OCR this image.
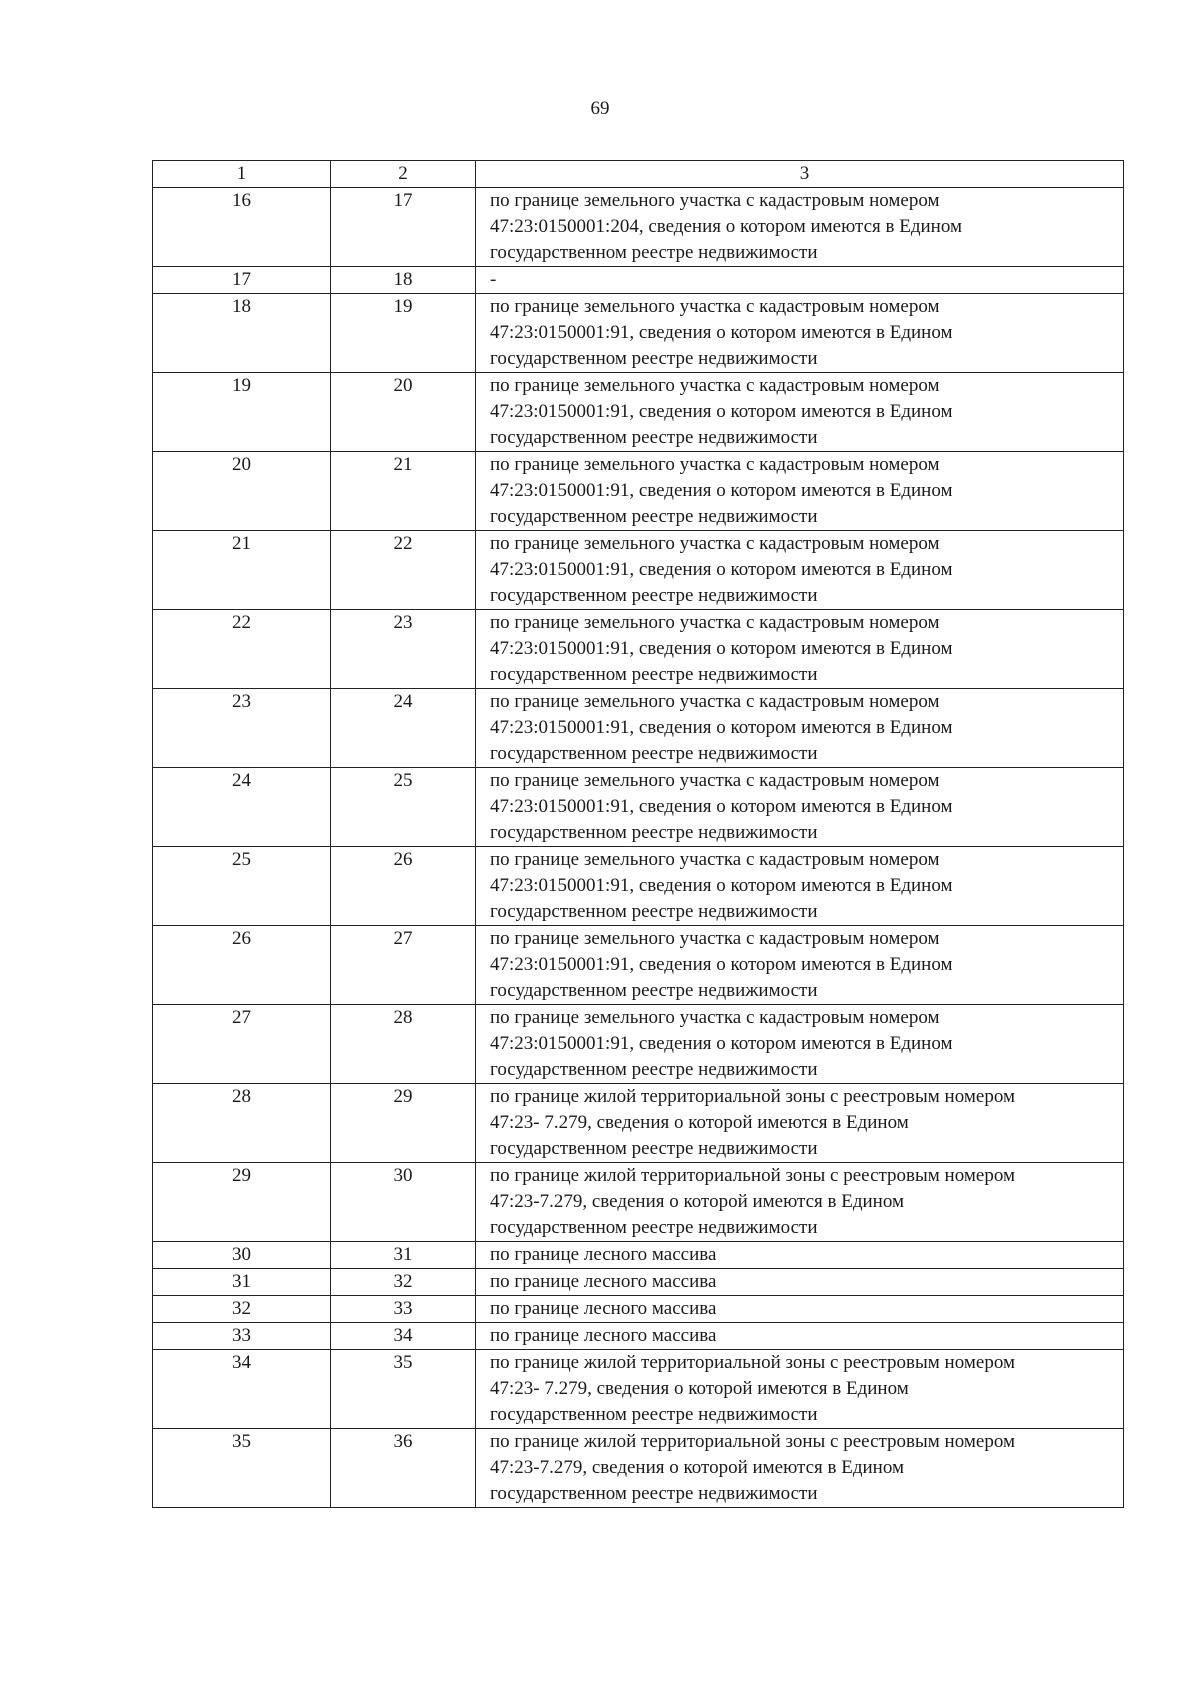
69
1	2	3
16	17	по границе земельного участка с кадастровым номером
47:23:0150001:204, сведения о котором имеются в Едином
государственном реестре недвижимости

17	18	-

18	19	по границе земельного участка с кадастровым номером
47:23:0150001:91, сведения о котором имеются в Едином
государственном реестре недвижимости

19	20	по границе земельного участка с кадастровым номером
47:23:0150001:91, сведения о котором имеются в Едином
государственном реестре недвижимости

20	21	по границе земельного участка с кадастровым номером
47:23:0150001:91, сведения о котором имеются в Едином
государственном реестре недвижимости

21	22	по границе земельного участка с кадастровым номером
47:23:0150001:91, сведения о котором имеются в Едином
государственном реестре недвижимости

22	23	по границе земельного участка с кадастровым номером
47:23:0150001:91, сведения о котором имеются в Едином
государственном реестре недвижимости

23	24	по границе земельного участка с кадастровым номером
47:23:0150001:91, сведения о котором имеются в Едином
государственном реестре недвижимости

24	25	по границе земельного участка с кадастровым номером
47:23:0150001:91, сведения о котором имеются в Едином
государственном реестре недвижимости

25	26	по границе земельного участка с кадастровым номером
47:23:0150001:91, сведения о котором имеются в Едином
государственном реестре недвижимости

26	27	по границе земельного участка с кадастровым номером
47:23:0150001:91, сведения о котором имеются в Едином
государственном реестре недвижимости

27	28	по границе земельного участка с кадастровым номером
47:23:0150001:91, сведения о котором имеются в Едином
государственном реестре недвижимости

28	29	по границе жилой территориальной зоны с реестровым номером
47:23- 7.279, сведения о которой имеются в Едином
государственном реестре недвижимости

29	30	по границе жилой территориальной зоны с реестровым номером
47:23-7.279, сведения о которой имеются в Едином
государственном реестре недвижимости

30	31	по границе лесного массива

31	32	по границе лесного массива

32	33	по границе лесного массива

33	34	по границе лесного массива

34	35	по границе жилой территориальной зоны с реестровым номером
47:23- 7.279, сведения о которой имеются в Едином
государственном реестре недвижимости

35	36	по границе жилой территориальной зоны с реестровым номером
47:23-7.279, сведения о которой имеются в Едином
государственном реестре недвижимости
